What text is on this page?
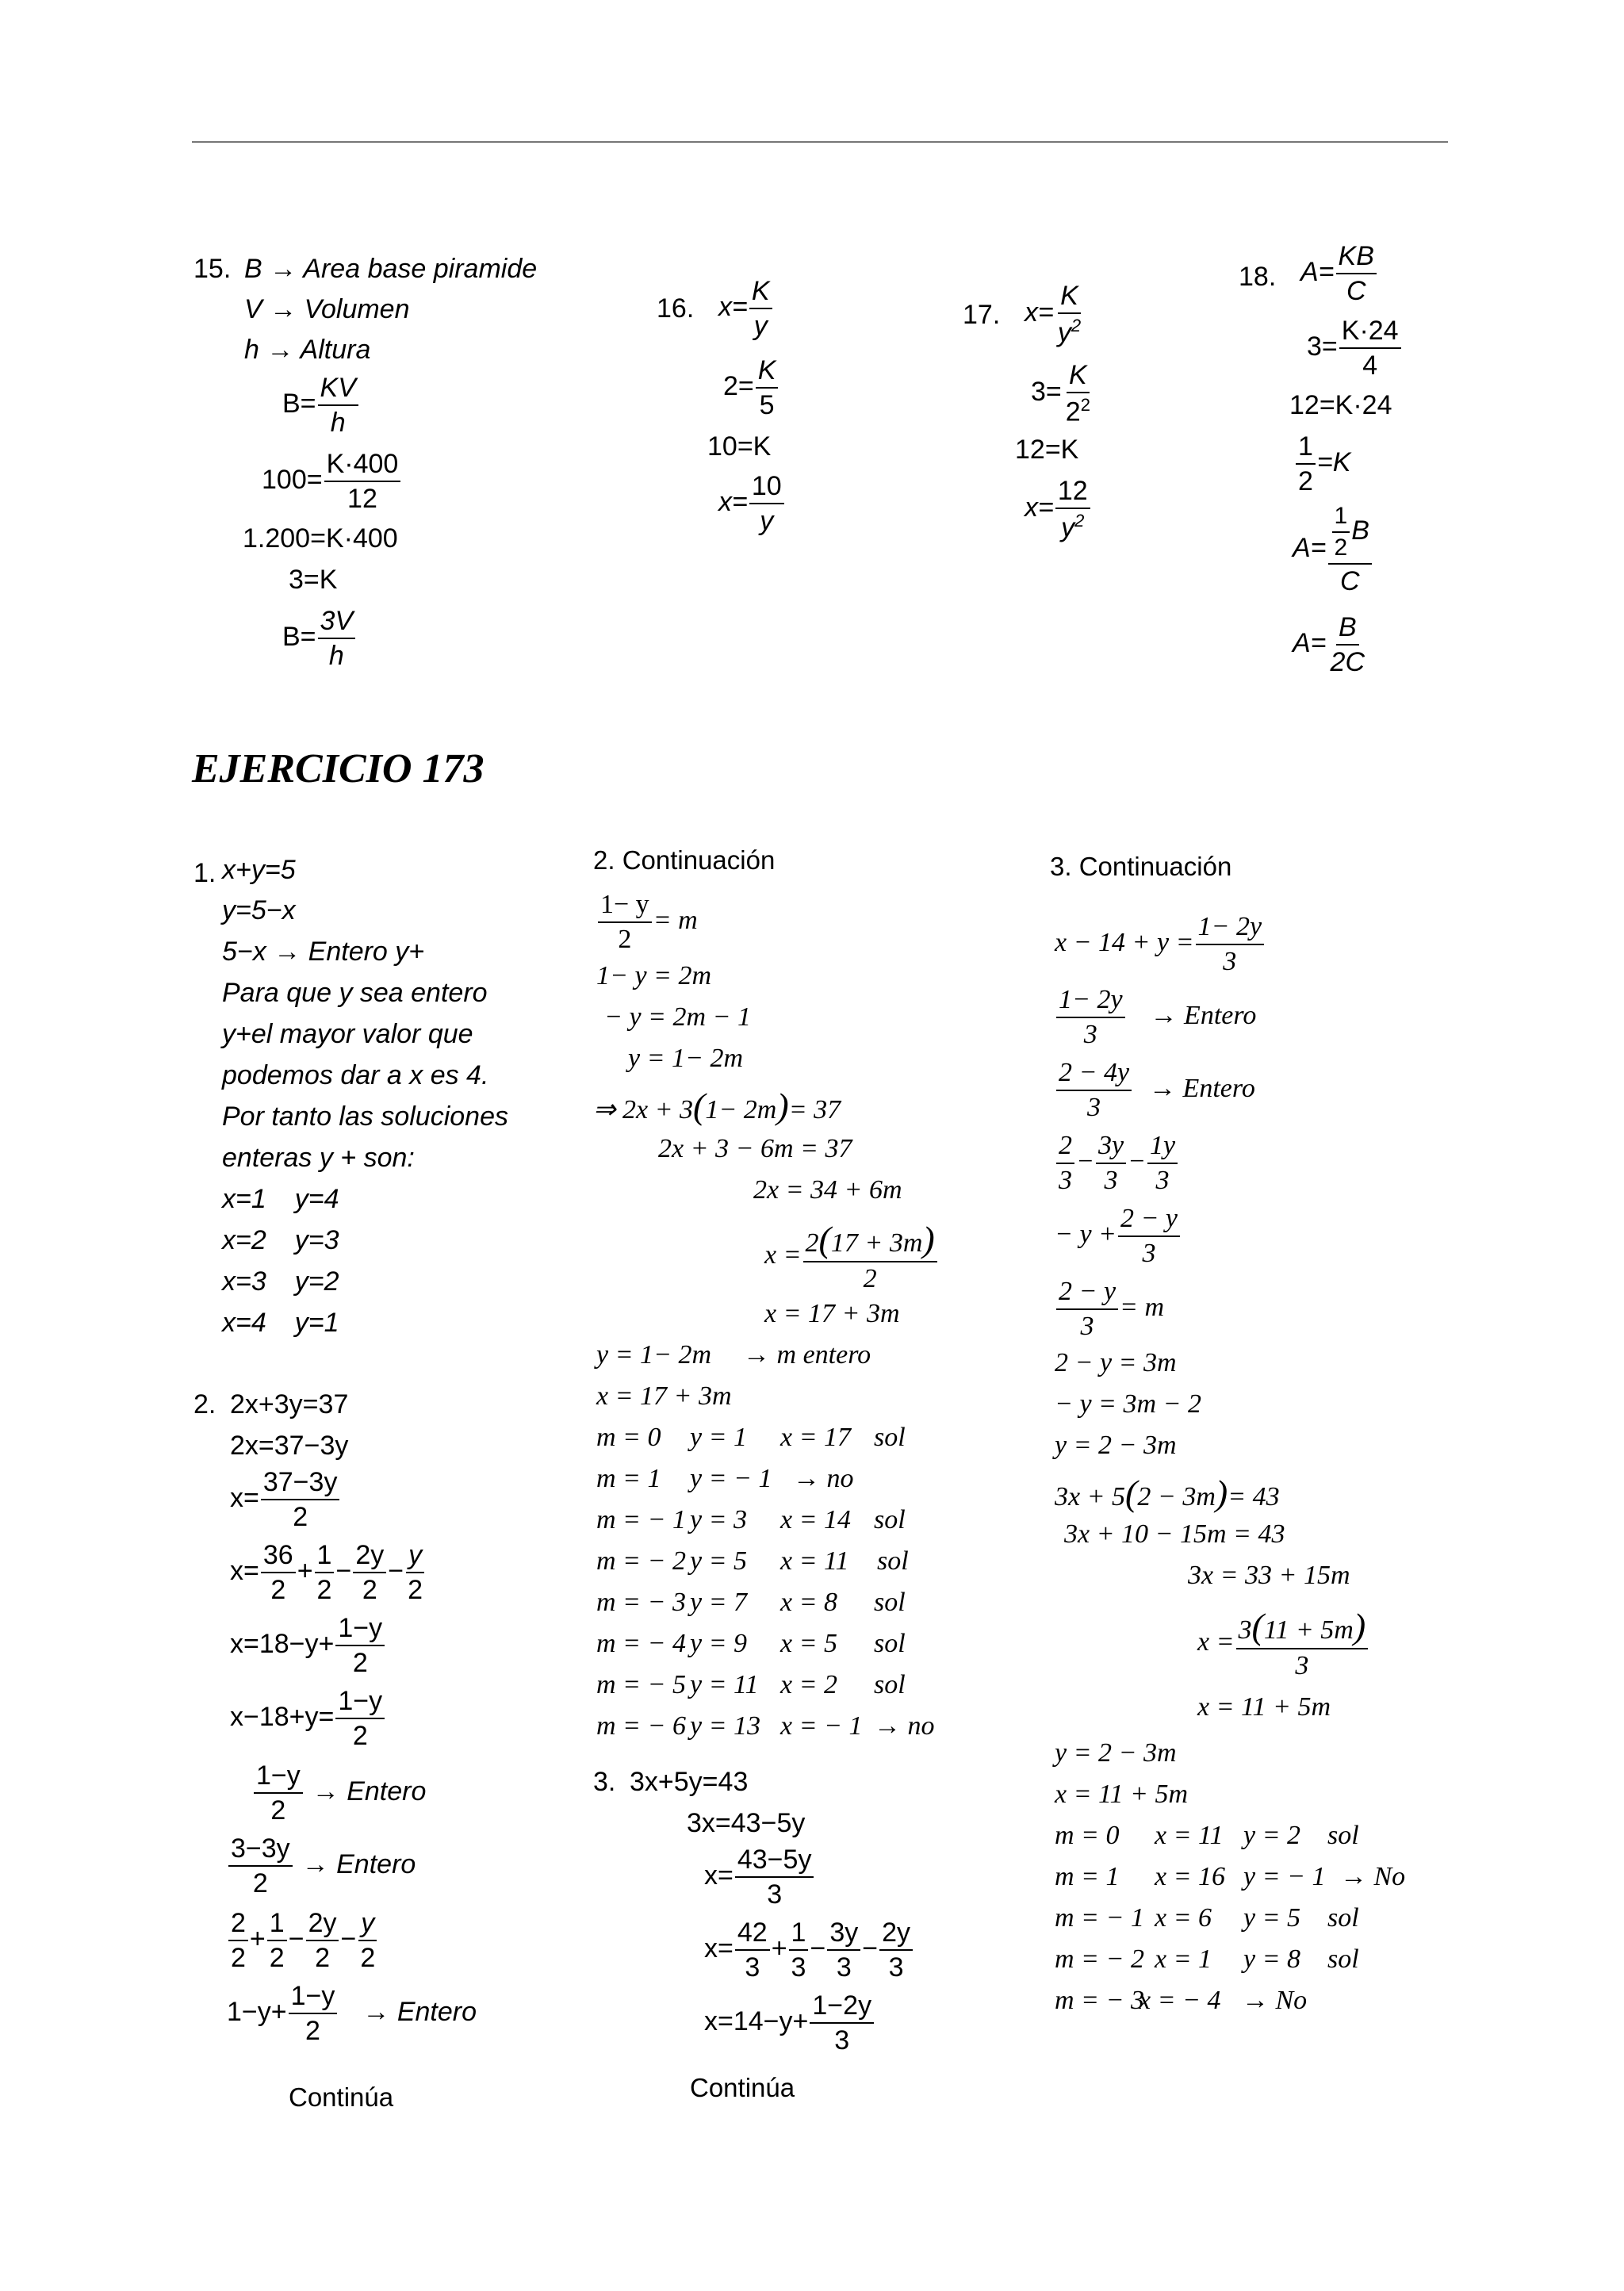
15. B → Area base piramide
V → Volumen
h → Altura
$B= \frac{KV}{h}$
$100= \frac{K\cdot 400}{12}$
1.200=K·400
3=K
$B= \frac{3V}{h}$
16. $x= \frac{K}{y}$
$2= \frac{K}{5}$
10=K
$x= \frac{10}{y}$
17. $x= \frac{K}{y^2}$
$3= \frac{K}{2^2}$
12=K
$x= \frac{12}{y^2}$
18. $A= \frac{KB}{C}$
$3= \frac{K\cdot 24}{4}$
12=K·24
$\frac{1}{2} =K$
$A= \frac{\frac{1}{2} B}{C}$
$A= \frac{B}{2C}$
EJERCICIO 173
1. x+y=5
y=5−x
5−x → Entero y+
Para que y sea entero
y+el mayor valor que
podemos dar a x es 4.
Por tanto las soluciones
enteras y + son:
x=1 y=4
x=2 y=3
x=3 y=2
x=4 y=1
2. 2x+3y=37
2x=37−3y
$x= \frac{37-3y}{2}$
$x= \frac{36}{2} + \frac{1}{2} - \frac{2y}{2} - \frac{y}{2}$
$x=18-y+ \frac{1-y}{2}$
$x-18+y= \frac{1-y}{2}$
$\frac{1-y}{2}$ → Entero
$\frac{3-3y}{2}$ → Entero
$\frac{2}{2} + \frac{1}{2} - \frac{2y}{2} - \frac{y}{2}$
$1-y+ \frac{1-y}{2}$ → Entero
Continúa
2. Continuación
$\frac{1- y}{2} = m$
1− y = 2m
− y = 2m − 1
y = 1− 2m
⇒ 2x + 3(1− 2m)= 37
2x + 3 − 6m = 37
2x = 34 + 6m
$x = \frac{2(17 + 3m)}{2}$
x = 17 + 3m
y = 1− 2m → m entero
x = 17 + 3m
m = 0 y = 1 x = 17 sol
m = 1 y = − 1 → no
m = − 1 y = 3 x = 14 sol
m = − 2 y = 5 x = 11 sol
m = − 3 y = 7 x = 8 sol
m = − 4 y = 9 x = 5 sol
m = − 5 y = 11 x = 2 sol
m = − 6 y = 13 x = − 1 → no
3. 3x+5y=43
3x=43−5y
$x= \frac{43-5y}{3}$
$x= \frac{42}{3} + \frac{1}{3} - \frac{3y}{3} - \frac{2y}{3}$
$x=14-y+ \frac{1-2y}{3}$
Continúa
3. Continuación
$x - 14 + y = \frac{1- 2y}{3}$
$\frac{1- 2y}{3}$ → Entero
$\frac{2 - 4y}{3}$ → Entero
$\frac{2}{3} - \frac{3y}{3} - \frac{1y}{3}$
− $y + \frac{2 - y}{3}$
$\frac{2 - y}{3} = m$
2 − y = 3m
− y = 3m − 2
y = 2 − 3m
3x + 5(2 − 3m)= 43
3x + 10 − 15m = 43
3x = 33 + 15m
$x = \frac{3(11 + 5m)}{3}$
x = 11 + 5m
y = 2 − 3m
x = 11 + 5m
m = 0 x = 11 y = 2 sol
m = 1 x = 16 y = − 1 → No
m = − 1 x = 6 y = 5 sol
m = − 2 x = 1 y = 8 sol
m = − 3x = − 4 → No
